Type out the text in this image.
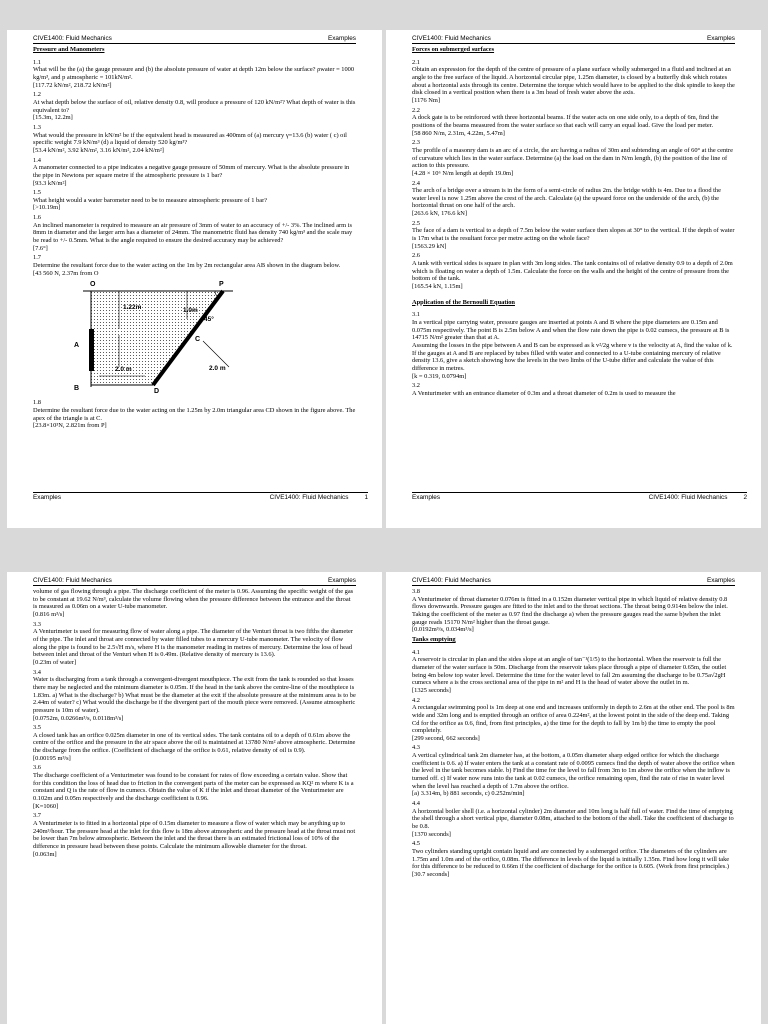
CIVE1400: Fluid Mechanics	Examples
Pressure and Manometers
1.1
What will be the (a) the gauge pressure and (b) the absolute pressure of water at depth 12m below the surface? ρwater = 1000 kg/m³, and p atmospheric = 101kN/m².
[117.72 kN/m², 218.72 kN/m²]
1.2
At what depth below the surface of oil, relative density 0.8, will produce a pressure of 120 kN/m²? What depth of water is this equivalent to?
[15.3m, 12.2m]
1.3
What would the pressure in kN/m² be if the equivalent head is measured as 400mm of (a) mercury γ=13.6 (b) water ( c) oil specific weight 7.9 kN/m³ (d) a liquid of density 520 kg/m³?
[53.4 kN/m², 3.92 kN/m², 3.16 kN/m², 2.04 kN/m²]
1.4
A manometer connected to a pipe indicates a negative gauge pressure of 50mm of mercury. What is the absolute pressure in the pipe in Newtons per square metre if the atmospheric pressure is 1 bar?
[93.3 kN/m²]
1.5
What height would a water barometer need to be to measure atmospheric pressure of 1 bar?
[>10.19m]
1.6
An inclined manometer is required to measure an air pressure of 3mm of water to an accuracy of +/- 3%. The inclined arm is 8mm in diameter and the larger arm has a diameter of 24mm. The manometric fluid has density 740 kg/m³ and the scale may be read to +/- 0.5mm. What is the angle required to ensure the desired accuracy may be achieved?
[7.6°]
1.7
Determine the resultant force due to the water acting on the 1m by 2m rectangular area AB shown in the diagram below.
[43 560 N, 2.37m from O
O	P
A
B
C
D
1.22m	1.0m
2.0 m	2.0 m
45°
1.8
Determine the resultant force due to the water acting on the 1.25m by 2.0m triangular area CD shown in the figure above. The apex of the triangle is at C.
[23.8×10³N, 2.821m from P]
Examples	CIVE1400: Fluid Mechanics	1
CIVE1400: Fluid Mechanics	Examples
Forces on submerged surfaces
2.1
Obtain an expression for the depth of the centre of pressure of a plane surface wholly submerged in a fluid and inclined at an angle to the free surface of the liquid. A horizontal circular pipe, 1.25m diameter, is closed by a butterfly disk which rotates about a horizontal axis through its centre. Determine the torque which would have to be applied to the disk spindle to keep the disk closed in a vertical position when there is a 3m head of fresh water above the axis.
[1176 Nm]
2.2
A dock gate is to be reinforced with three horizontal beams. If the water acts on one side only, to a depth of 6m, find the positions of the beams measured from the water surface so that each will carry an equal load. Give the load per meter.
[58 860 N/m, 2.31m, 4.22m, 5.47m]
2.3
The profile of a masonry dam is an arc of a circle, the arc having a radius of 30m and subtending an angle of 60° at the centre of curvature which lies in the water surface. Determine (a) the load on the dam in N/m length, (b) the position of the line of action to this pressure.
[4.28 × 10⁶ N/m length at depth 19.0m]
2.4
The arch of a bridge over a stream is in the form of a semi-circle of radius 2m. the bridge width is 4m. Due to a flood the water level is now 1.25m above the crest of the arch. Calculate (a) the upward force on the underside of the arch, (b) the horizontal thrust on one half of the arch.
[263.6 kN, 176.6 kN]
2.5
The face of a dam is vertical to a depth of 7.5m below the water surface then slopes at 30° to the vertical. If the depth of water is 17m what is the resultant force per metre acting on the whole face?
[1563.29 kN]
2.6
A tank with vertical sides is square in plan with 3m long sides. The tank contains oil of relative density 0.9 to a depth of 2.0m which is floating on water a depth of 1.5m. Calculate the force on the walls and the height of the centre of pressure from the bottom of the tank.
[165.54 kN, 1.15m]
Application of the Bernoulli Equation
3.1
In a vertical pipe carrying water, pressure gauges are inserted at points A and B where the pipe diameters are 0.15m and 0.075m respectively. The point B is 2.5m below A and when the flow rate down the pipe is 0.02 cumecs, the pressure at B is 14715 N/m² greater than that at A.
Assuming the losses in the pipe between A and B can be expressed as k v²/2g where v is the velocity at A, find the value of k.
If the gauges at A and B are replaced by tubes filled with water and connected to a U-tube containing mercury of relative density 13.6, give a sketch showing how the levels in the two limbs of the U-tube differ and calculate the value of this difference in metres.
[k = 0.319, 0.0794m]
3.2
A Venturimeter with an entrance diameter of 0.3m and a throat diameter of 0.2m is used to measure the
Examples	CIVE1400: Fluid Mechanics	2
CIVE1400: Fluid Mechanics	Examples
volume of gas flowing through a pipe. The discharge coefficient of the meter is 0.96. Assuming the specific weight of the gas to be constant at 19.62 N/m³, calculate the volume flowing when the pressure difference between the entrance and the throat is measured as 0.06m on a water U-tube manometer.
[0.816 m³/s]
3.3
A Venturimeter is used for measuring flow of water along a pipe. The diameter of the Venturi throat is two fifths the diameter of the pipe. The inlet and throat are connected by water filled tubes to a mercury U-tube manometer. The velocity of flow along the pipe is found to be 2.5√H m/s, where H is the manometer reading in metres of mercury. Determine the loss of head between inlet and throat of the Venturi when H is 0.49m. (Relative density of mercury is 13.6).
[0.23m of water]
3.4
Water is discharging from a tank through a convergent-divergent mouthpiece. The exit from the tank is rounded so that losses there may be neglected and the minimum diameter is 0.05m. If the head in the tank above the centre-line of the mouthpiece is 1.83m. a) What is the discharge? b) What must be the diameter at the exit if the absolute pressure at the minimum area is to be 2.44m of water? c) What would the discharge be if the divergent part of the mouth piece were removed. (Assume atmospheric pressure is 10m of water).
[0.0752m, 0.0266m³/s, 0.0118m³/s]
3.5
A closed tank has an orifice 0.025m diameter in one of its vertical sides. The tank contains oil to a depth of 0.61m above the centre of the orifice and the pressure in the air space above the oil is maintained at 13780 N/m² above atmospheric. Determine the discharge from the orifice. (Coefficient of discharge of the orifice is 0.61, relative density of oil is 0.9).
[0.00195 m³/s]
3.6
The discharge coefficient of a Venturimeter was found to be constant for rates of flow exceeding a certain value. Show that for this condition the loss of head due to friction in the convergent parts of the meter can be expressed as KQ² m where K is a constant and Q is the rate of flow in cumecs. Obtain the value of K if the inlet and throat diameter of the Venturimeter are 0.102m and 0.05m respectively and the discharge coefficient is 0.96.
[K=1060]
3.7
A Venturimeter is to fitted in a horizontal pipe of 0.15m diameter to measure a flow of water which may be anything up to 240m³/hour. The pressure head at the inlet for this flow is 18m above atmospheric and the pressure head at the throat must not be lower than 7m below atmospheric. Between the inlet and the throat there is an estimated frictional loss of 10% of the difference in pressure head between these points. Calculate the minimum allowable diameter for the throat.
[0.063m]
CIVE1400: Fluid Mechanics	Examples
3.8
A Venturimeter of throat diameter 0.076m is fitted in a 0.152m diameter vertical pipe in which liquid of relative density 0.8 flows downwards. Pressure gauges are fitted to the inlet and to the throat sections. The throat being 0.914m below the inlet. Taking the coefficient of the meter as 0.97 find the discharge a) when the pressure gauges read the same b)when the inlet gauge reads 15170 N/m² higher than the throat gauge.
[0.0192m³/s, 0.034m³/s]
Tanks emptying
4.1
A reservoir is circular in plan and the sides slope at an angle of tan⁻¹(1/5) to the horizontal. When the reservoir is full the diameter of the water surface is 50m. Discharge from the reservoir takes place through a pipe of diameter 0.65m, the outlet being 4m below top water level. Determine the time for the water level to fall 2m assuming the discharge to be 0.75a√2gH cumecs where a is the cross sectional area of the pipe in m² and H is the head of water above the outlet in m.
[1325 seconds]
4.2
A rectangular swimming pool is 1m deep at one end and increases uniformly in depth to 2.6m at the other end. The pool is 8m wide and 32m long and is emptied through an orifice of area 0.224m², at the lowest point in the side of the deep end. Taking Cd for the orifice as 0.6, find, from first principles, a) the time for the depth to fall by 1m b) the time to empty the pool completely.
[299 second, 662 seconds]
4.3
A vertical cylindrical tank 2m diameter has, at the bottom, a 0.05m diameter sharp edged orifice for which the discharge coefficient is 0.6. a) If water enters the tank at a constant rate of 0.0095 cumecs find the depth of water above the orifice when the level in the tank becomes stable. b) Find the time for the level to fall from 3m to 1m above the orifice when the inflow is turned off. c) If water now runs into the tank at 0.02 cumecs, the orifice remaining open, find the rate of rise in water level when the level has reached a depth of 1.7m above the orifice.
[a) 3.314m, b) 881 seconds, c) 0.252m/min]
4.4
A horizontal boiler shell (i.e. a horizontal cylinder) 2m diameter and 10m long is half full of water. Find the time of emptying the shell through a short vertical pipe, diameter 0.08m, attached to the bottom of the shell. Take the coefficient of discharge to be 0.8.
[1370 seconds]
4.5
Two cylinders standing upright contain liquid and are connected by a submerged orifice. The diameters of the cylinders are 1.75m and 1.0m and of the orifice, 0.08m. The difference in levels of the liquid is initially 1.35m. Find how long it will take for this difference to be reduced to 0.66m if the coefficient of discharge for the orifice is 0.605. (Work from first principles.)
[30.7 seconds]
